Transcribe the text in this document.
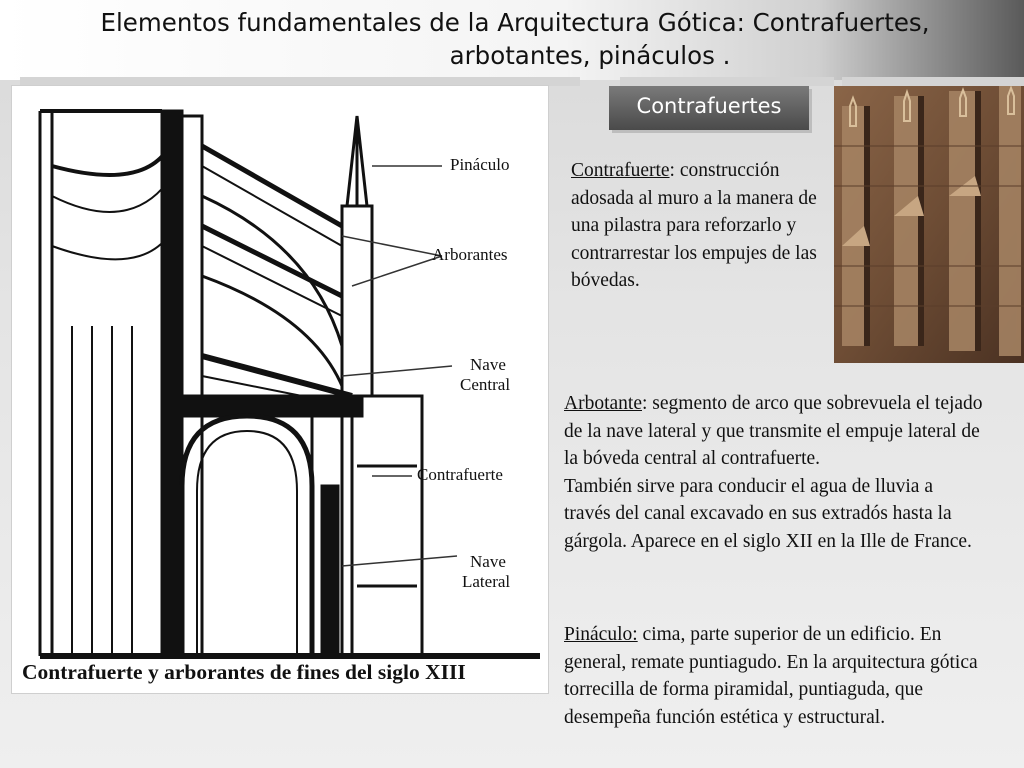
Elementos fundamentales de la Arquitectura Gótica: Contrafuertes,
arbotantes, pináculos .
Pináculo
Arborantes
Nave
Central
Contrafuerte
Nave
Lateral
Contrafuerte y arborantes de fines del siglo XIII
Contrafuertes

Contrafuerte: construcción adosada al muro a la manera de una pilastra para reforzarlo y contrarrestar los empujes de las bóvedas.

Arbotante: segmento de arco que sobrevuela el tejado de la nave lateral y que transmite el empuje lateral de la bóveda central al contrafuerte.
También sirve para conducir el agua de lluvia a través del canal excavado en sus extradós hasta la gárgola. Aparece en el siglo XII en la Ille de France.

Pináculo: cima, parte superior de un edificio. En general, remate puntiagudo. En la arquitectura gótica torrecilla de forma piramidal, puntiaguda, que desempeña función estética y estructural.
